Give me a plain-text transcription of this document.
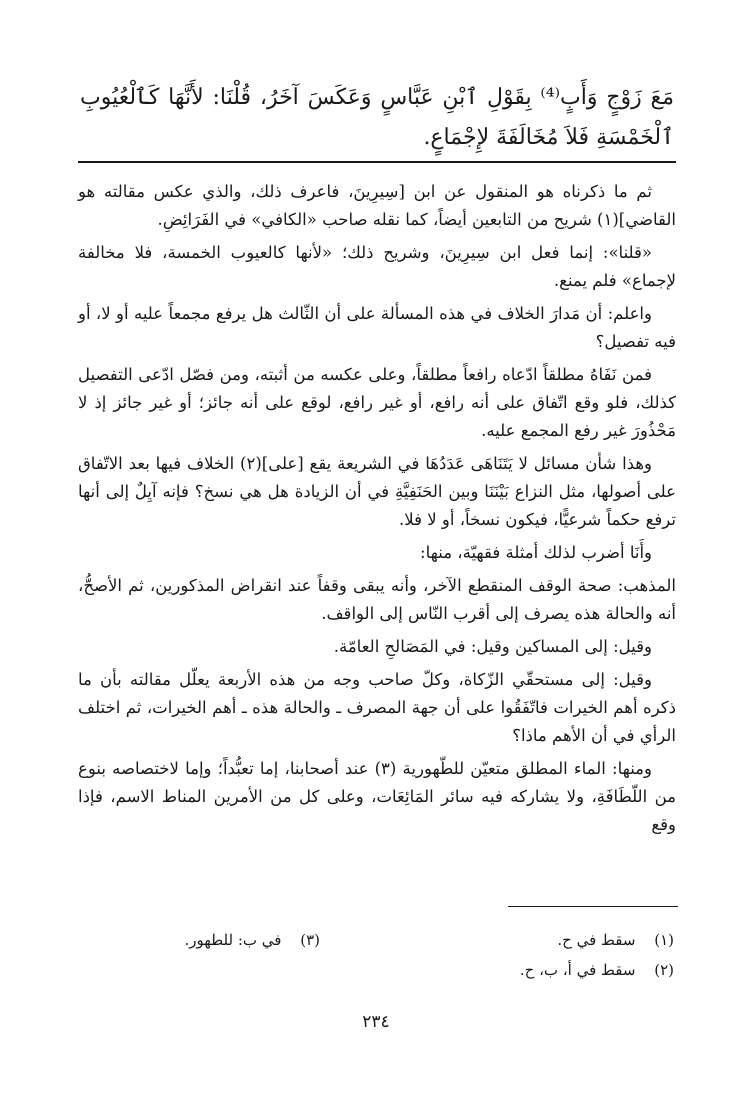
مَعَ زَوْجٍ وَأَبٍ⁽⁴⁾ بِقَوْلِ ٱبْنِ عَبَّاسٍ وَعَكَسَ آخَرُ، قُلْنَا: لأَنَّهَا كَٱلْعُيُوبِ ٱلْخَمْسَةِ فَلاَ مُخَالَفَةَ لإِجْمَاعٍ.

ثم ما ذكرناه هو المنقول عن ابن [سِيرِينَ، فاعرف ذلك، والذي عكس مقالته هو القاضي](١) شريح من التابعين أيضاً، كما نقله صاحب «الكافي» في الفَرَائِضِ.

«قلنا»: إنما فعل ابن سِيرِينَ، وشريح ذلك؛ «لأنها كالعيوب الخمسة، فلا مخالفة لإجماع» فلم يمنع.

واعلم: أن مَدارَ الخلاف في هذه المسألة على أن الثّالث هل يرفع مجمعاً عليه أو لا، أو فيه تفصيل؟

فمن نَفَاهُ مطلقاً ادّعاه رافعاً مطلقاً، وعلى عكسه من أثبته، ومن فصّل ادّعى التفصيل كذلك، فلو وقع اتّفاق على أنه رافع، أو غير رافع، لوقع على أنه جائز؛ أو غير جائز إذ لا مَحْذُورَ غير رفع المجمع عليه.

وهذا شأن مسائل لا يَتَنَاهَى عَدَدُهَا في الشريعة يقع [على](٢) الخلاف فيها بعد الاتّفاق على أصولها، مثل النزاع بَيْنَنَا وبين الحَنَفِيَّةِ في أن الزيادة هل هي نسخ؟ فإنه آيِلٌ إلى أنها ترفع حكماً شرعيًّا، فيكون نسخاً، أو لا فلا.

وأَنَا أضرب لذلك أمثلة فقهيّة، منها:

المذهب: صحة الوقف المنقطع الآخر، وأنه يبقى وقفاً عند انقراض المذكورين، ثم الأصحُّ، أنه والحالة هذه يصرف إلى أقرب النّاس إلى الواقف.

وقيل: إلى المساكين وقيل: في المَصَالحِ العامّة.

وقيل: إلى مستحقّي الزّكاة، وكلّ صاحب وجه من هذه الأربعة يعلّل مقالته بأن ما ذكره أهم الخيرات فاتّفَقُوا على أن جهة المصرف ـ والحالة هذه ـ أهم الخيرات، ثم اختلف الرأي في أن الأهم ماذا؟

ومنها: الماء المطلق متعيّن للطّهورية (٣) عند أصحابنا، إما تعبُّداً؛ وإما لاختصاصه بنوع من اللّطَافَةِ، ولا يشاركه فيه سائر المَائِعَات، وعلى كل من الأمرين المناط الاسم، فإذا وقع

(١) سقط في ح.
(٢) سقط في أ، ب، ح.
(٣) في ب: للطهور.
٢٣٤
